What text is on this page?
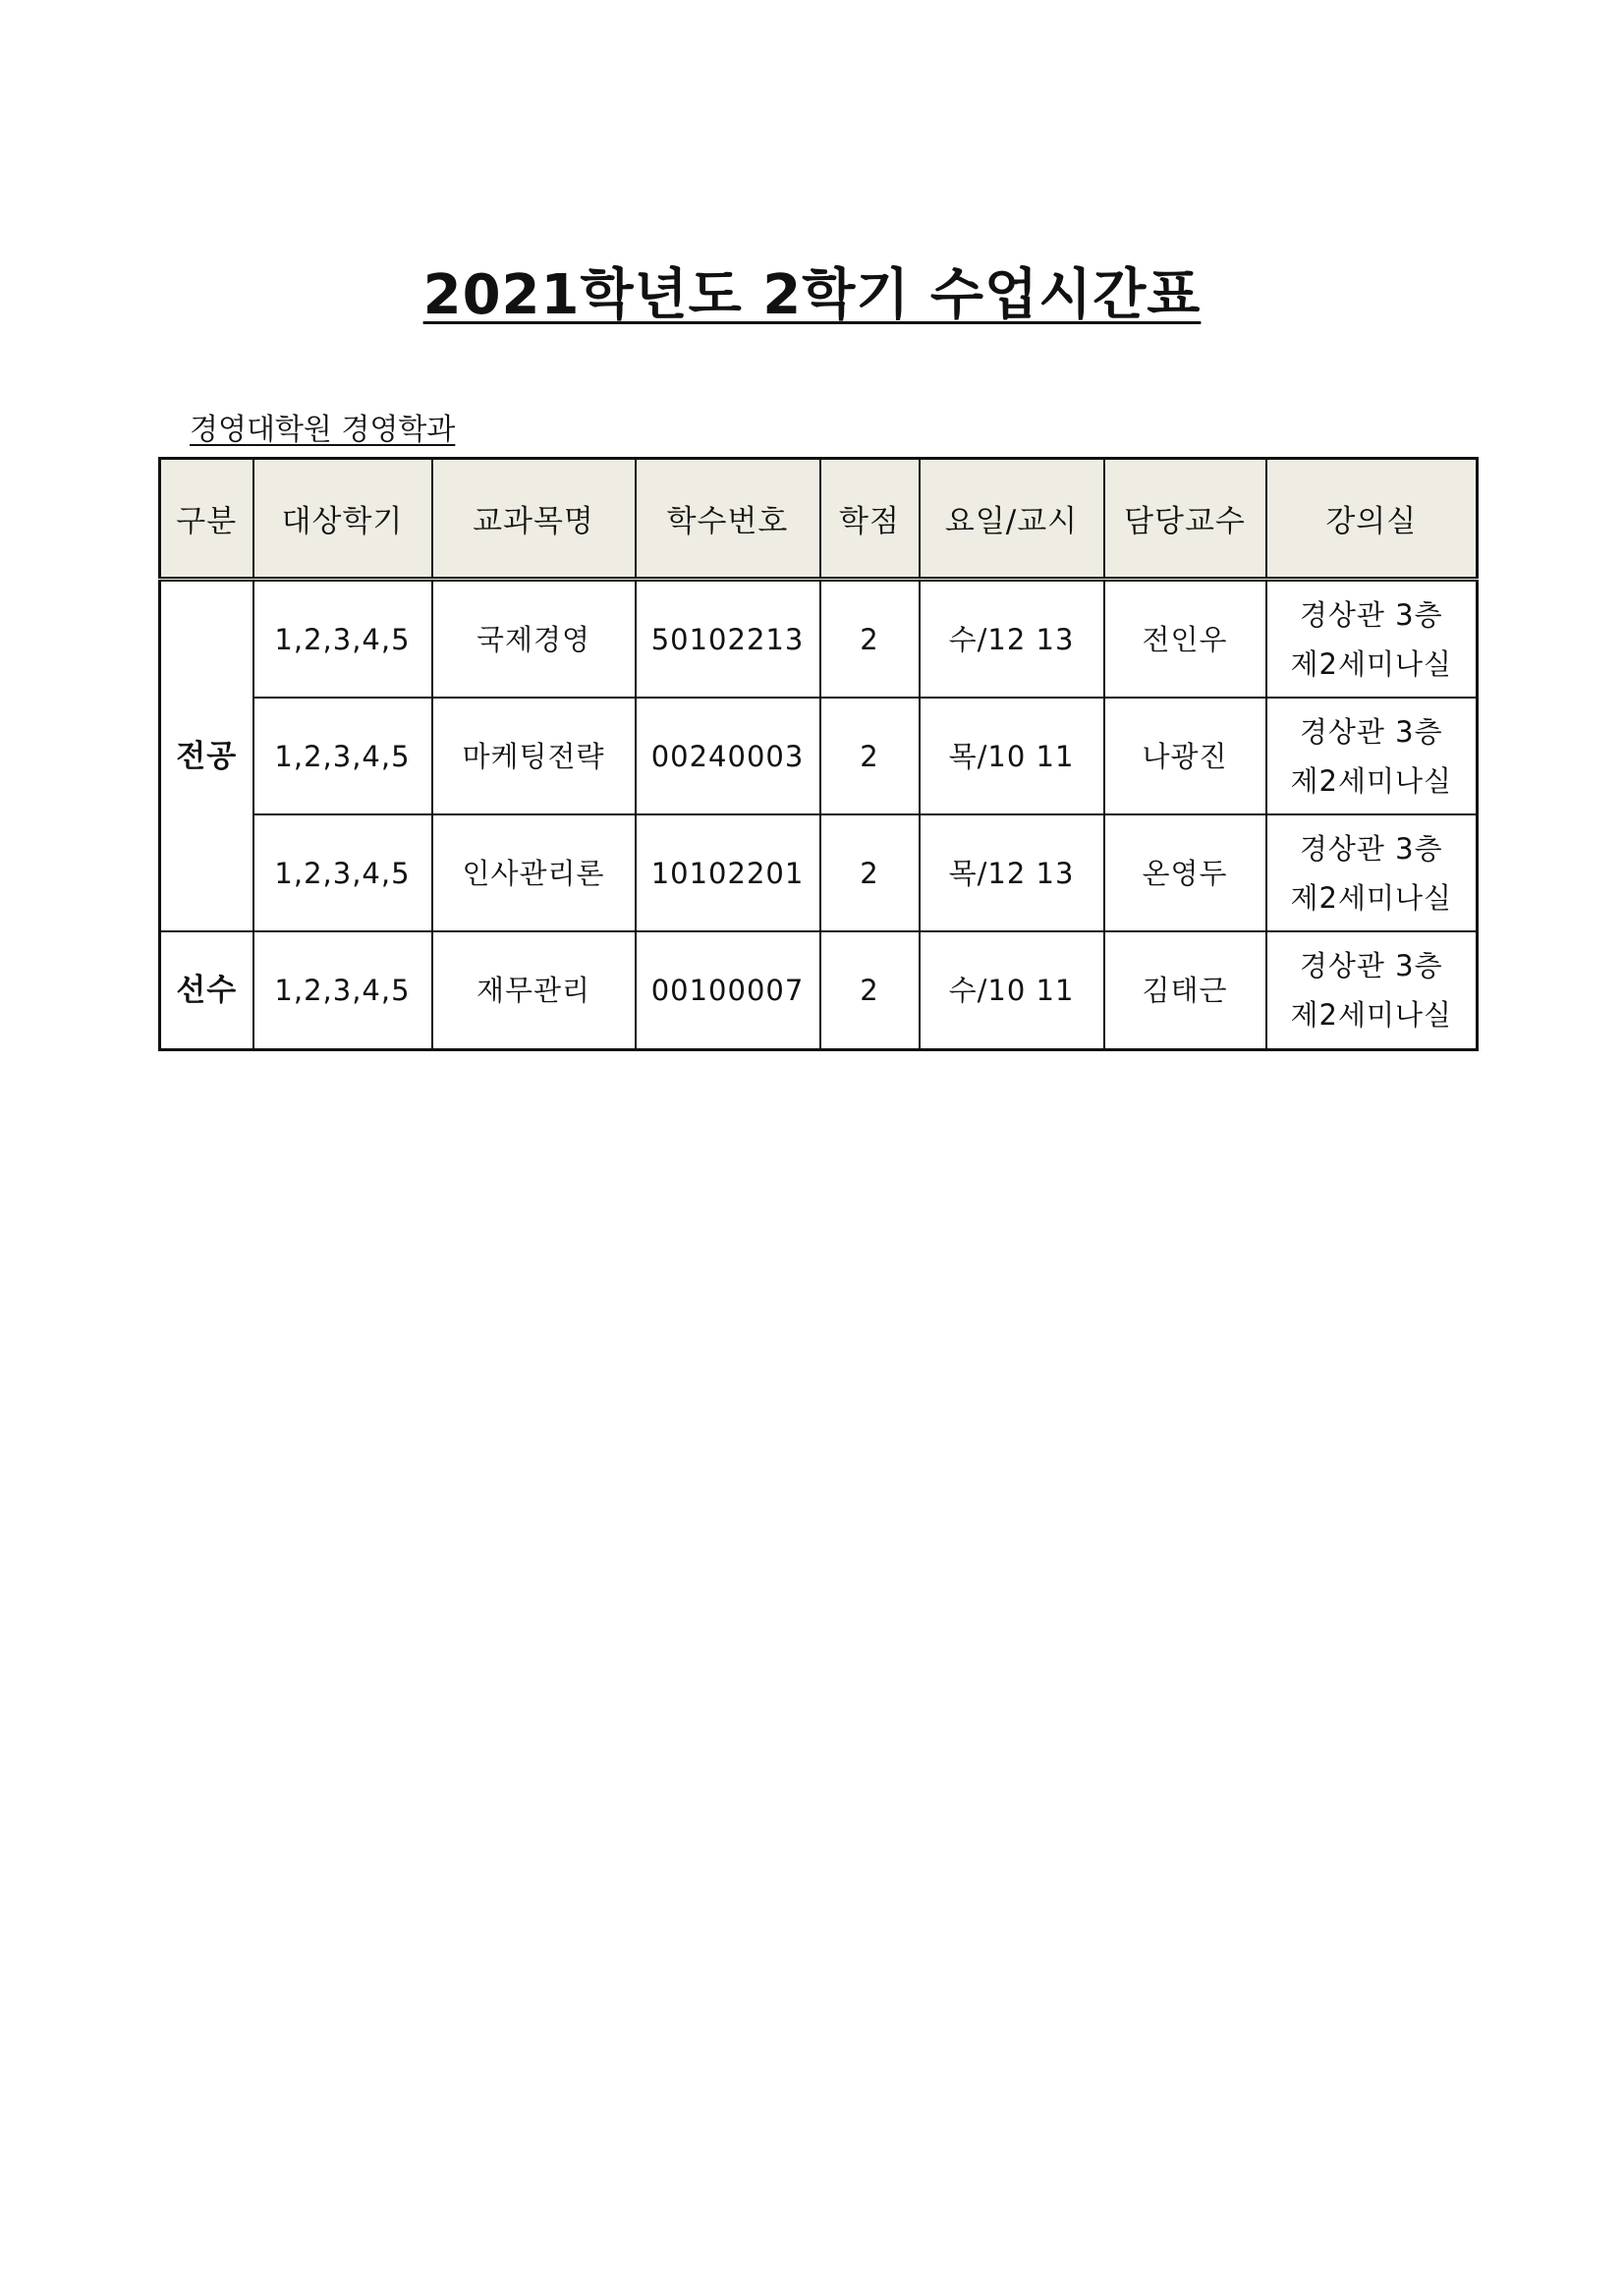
2021학년도 2학기 수업시간표
경영대학원 경영학과
구분	대상학기	교과목명	학수번호	학점	요일/교시	담당교수	강의실
전공	1,2,3,4,5	국제경영	50102213	2	수/12 13	전인우	경상관 3층
제2세미나실

	1,2,3,4,5	마케팅전략	00240003	2	목/10 11	나광진	경상관 3층
제2세미나실

	1,2,3,4,5	인사관리론	10102201	2	목/12 13	온영두	경상관 3층
제2세미나실

선수	1,2,3,4,5	재무관리	00100007	2	수/10 11	김태근	경상관 3층
제2세미나실
